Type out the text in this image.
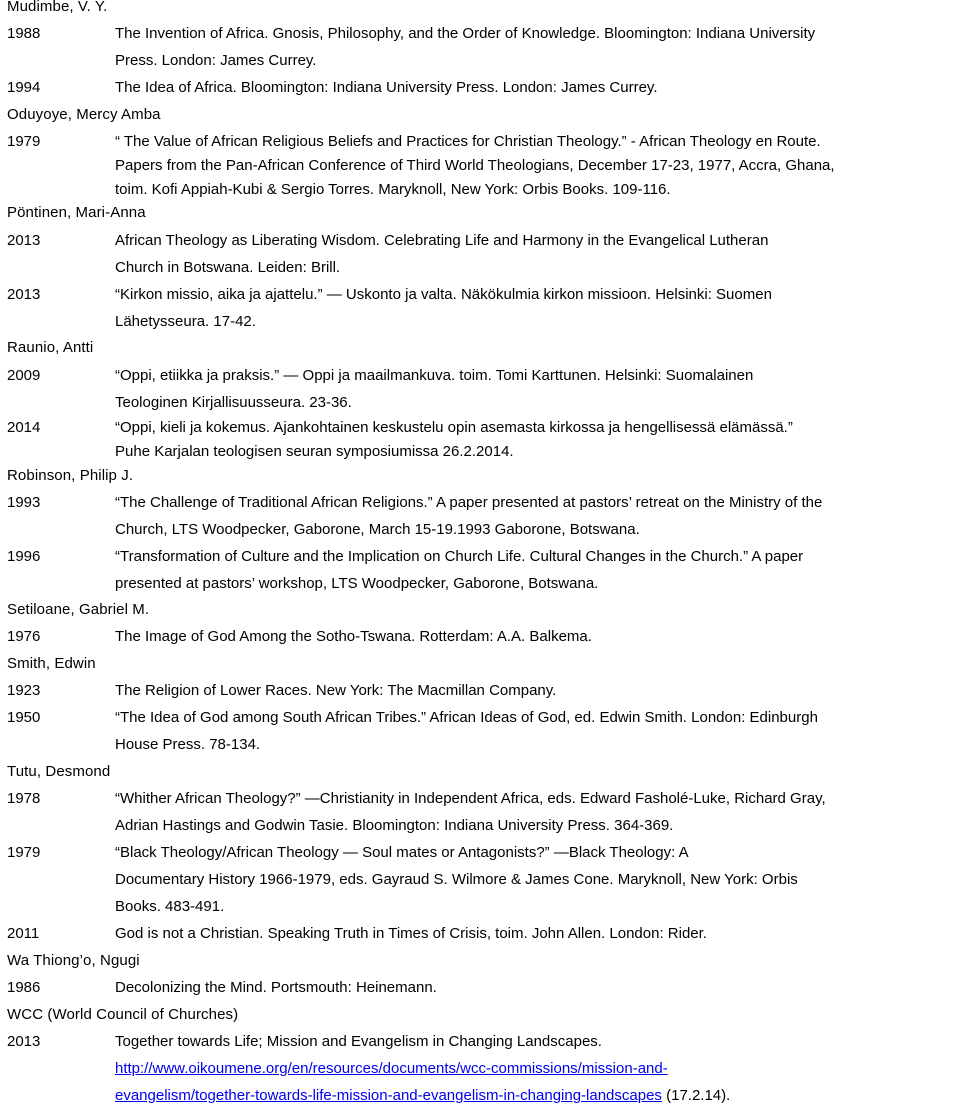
Mudimbe, V. Y.
1988	The Invention of Africa. Gnosis, Philosophy, and the Order of Knowledge. Bloomington: Indiana University
Press. London: James Currey.
1994	The Idea of Africa. Bloomington: Indiana University Press. London: James Currey.
Oduyoye, Mercy Amba
1979	“ The Value of African Religious Beliefs and Practices for Christian Theology.” - African Theology en Route.
Papers from the Pan-African Conference of Third World Theologians, December 17-23, 1977, Accra, Ghana,
toim. Kofi Appiah-Kubi & Sergio Torres. Maryknoll, New York: Orbis Books. 109-116.
Pöntinen, Mari-Anna
2013	African Theology as Liberating Wisdom. Celebrating Life and Harmony in the Evangelical Lutheran
Church in Botswana. Leiden: Brill.
2013	“Kirkon missio, aika ja ajattelu.” — Uskonto ja valta. Näkökulmia kirkon missioon. Helsinki: Suomen
Lähetysseura. 17-42.
Raunio, Antti
2009	“Oppi, etiikka ja praksis.” — Oppi ja maailmankuva. toim. Tomi Karttunen. Helsinki: Suomalainen
Teologinen Kirjallisuusseura. 23-36.
2014	“Oppi, kieli ja kokemus. Ajankohtainen keskustelu opin asemasta kirkossa ja hengellisessä elämässä.”
Puhe Karjalan teologisen seuran symposiumissa 26.2.2014.
Robinson, Philip J.
1993	“The Challenge of Traditional African Religions.” A paper presented at pastors’ retreat on the Ministry of the
Church, LTS Woodpecker, Gaborone, March 15-19.1993 Gaborone, Botswana.
1996	“Transformation of Culture and the Implication on Church Life. Cultural Changes in the Church.” A paper
presented at pastors’ workshop, LTS Woodpecker, Gaborone, Botswana.
Setiloane, Gabriel M.
1976	The Image of God Among the Sotho-Tswana. Rotterdam: A.A. Balkema.
Smith, Edwin
1923	The Religion of Lower Races. New York: The Macmillan Company.
1950	“The Idea of God among South African Tribes.” African Ideas of God, ed. Edwin Smith. London: Edinburgh
House Press. 78-134.
Tutu, Desmond
1978	“Whither African Theology?” —Christianity in Independent Africa, eds. Edward Fasholé-Luke, Richard Gray,
Adrian Hastings and Godwin Tasie. Bloomington: Indiana University Press. 364-369.
1979	“Black Theology/African Theology — Soul mates or Antagonists?” —Black Theology: A
Documentary History 1966-1979, eds. Gayraud S. Wilmore & James Cone. Maryknoll, New York: Orbis
Books. 483-491.
2011	God is not a Christian. Speaking Truth in Times of Crisis, toim. John Allen. London: Rider.
Wa Thiong’o, Ngugi
1986	Decolonizing the Mind. Portsmouth: Heinemann.
WCC (World Council of Churches)
2013	Together towards Life; Mission and Evangelism in Changing Landscapes.
http://www.oikoumene.org/en/resources/documents/wcc-commissions/mission-and-
evangelism/together-towards-life-mission-and-evangelism-in-changing-landscapes (17.2.14).
